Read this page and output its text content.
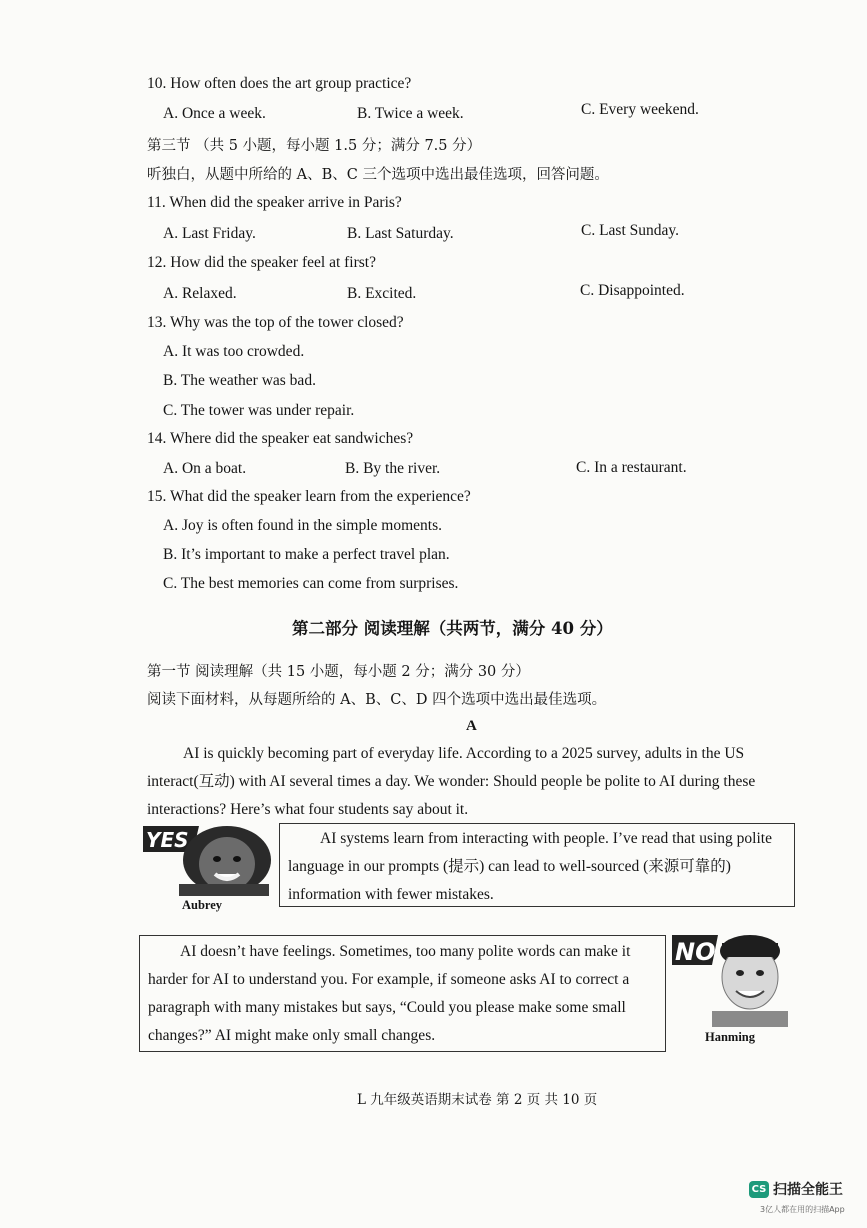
10. How often does the art group practice?
A. Once a week.	B. Twice a week.	C. Every weekend.
第三节 （共 5 小题，每小题 1.5 分；满分 7.5 分）
听独白，从题中所给的 A、B、C 三个选项中选出最佳选项，回答问题。
11. When did the speaker arrive in Paris?
A. Last Friday.	B. Last Saturday.	C. Last Sunday.
12. How did the speaker feel at first?
A. Relaxed.	B. Excited.	C. Disappointed.
13. Why was the top of the tower closed?
A. It was too crowded.
B. The weather was bad.
C. The tower was under repair.
14. Where did the speaker eat sandwiches?
A. On a boat.	B. By the river.	C. In a restaurant.
15. What did the speaker learn from the experience?
A. Joy is often found in the simple moments.
B. It’s important to make a perfect travel plan.
C. The best memories can come from surprises.
第二部分 阅读理解（共两节，满分 40 分）
第一节 阅读理解（共 15 小题，每小题 2 分；满分 30 分）
阅读下面材料，从每题所给的 A、B、C、D 四个选项中选出最佳选项。
A
AI is quickly becoming part of everyday life. According to a 2025 survey, adults in the US
interact(互动) with AI several times a day. We wonder: Should people be polite to AI during these
interactions? Here’s what four students say about it.
YES
Aubrey
AI systems learn from interacting with people. I’ve read that using polite
language in our prompts (提示) can lead to well-sourced (来源可靠的)
information with fewer mistakes.
AI doesn’t have feelings. Sometimes, too many polite words can make it
harder for AI to understand you. For example, if someone asks AI to correct a
paragraph with many mistakes but says, “Could you please make some small
changes?” AI might make only small changes.
NO
Hanming
L 九年级英语期末试卷 第 2 页 共 10 页
CS 扫描全能王
3亿人都在用的扫描App
